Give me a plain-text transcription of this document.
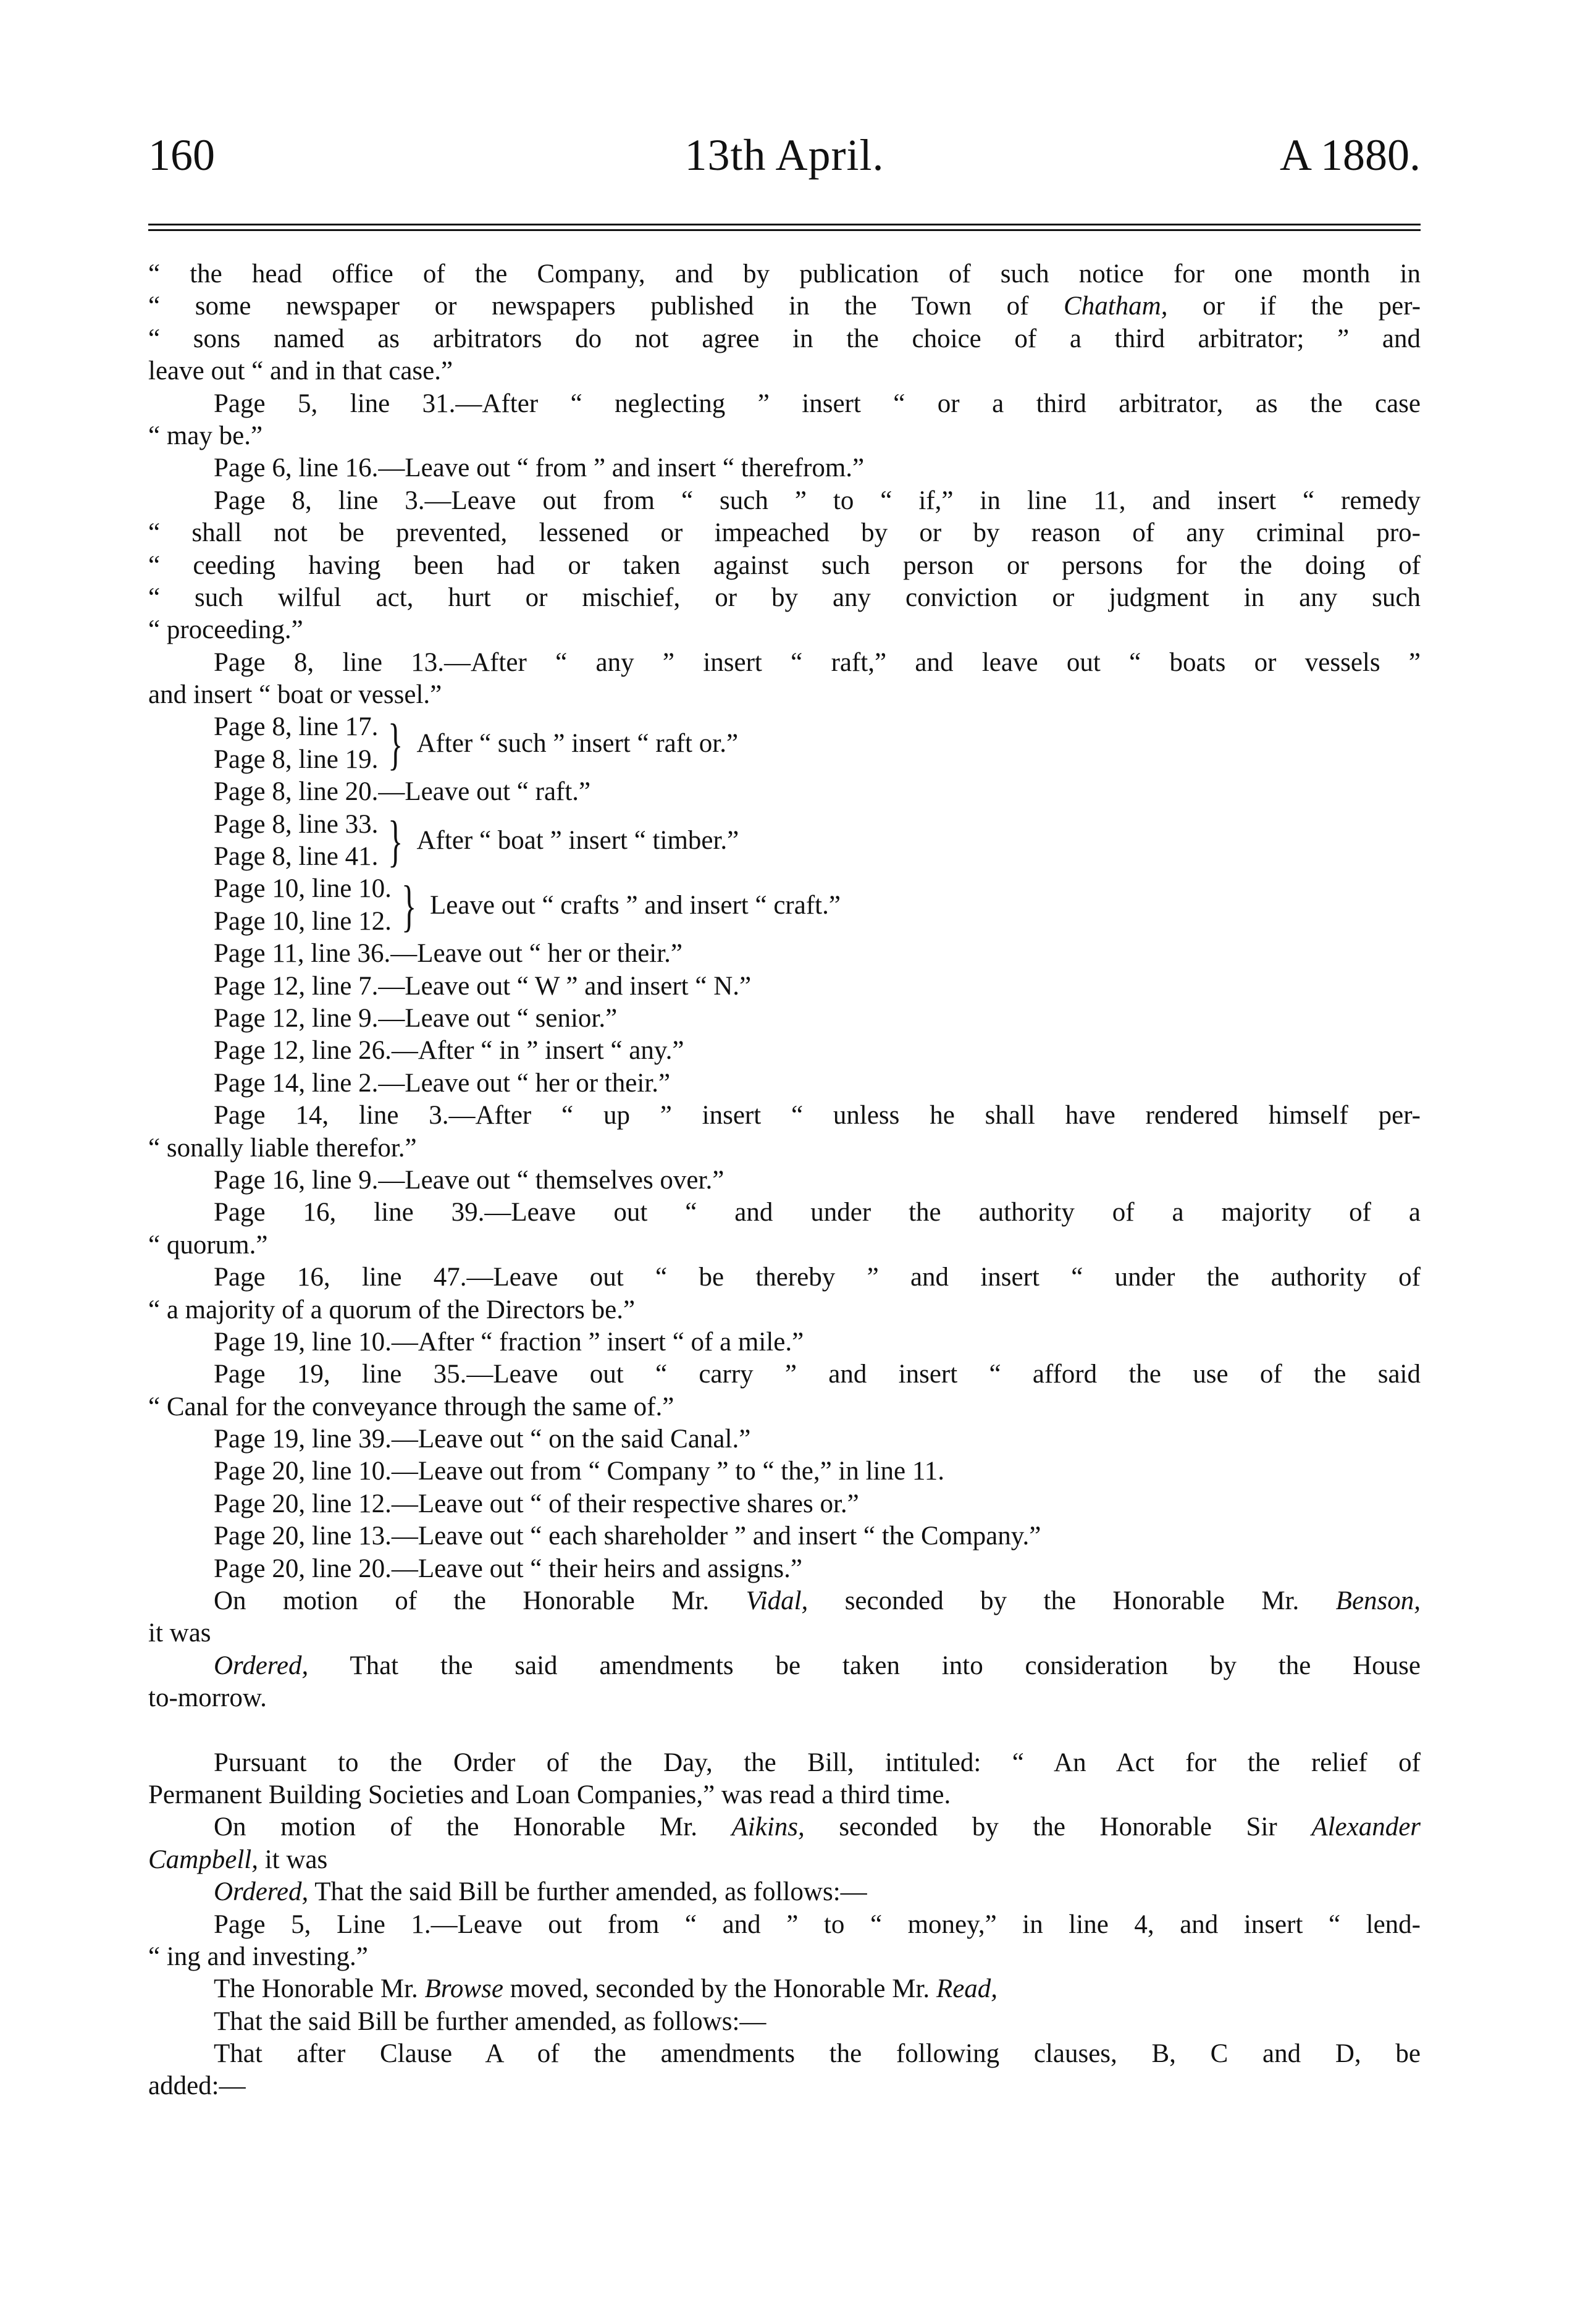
160	13th April.	A 1880.
“ the head office of the Company, and by publication of such notice for one month in
“ some newspaper or newspapers published in the Town of Chatham, or if the per-
“ sons named as arbitrators do not agree in the choice of a third arbitrator; ” and
leave out “ and in that case.”
Page 5, line 31.—After “ neglecting ” insert “ or a third arbitrator, as the case
“ may be.”
Page 6, line 16.—Leave out “ from ” and insert “ therefrom.”
Page 8, line 3.—Leave out from “ such ” to “ if,” in line 11, and insert “ remedy
“ shall not be prevented, lessened or impeached by or by reason of any criminal pro-
“ ceeding having been had or taken against such person or persons for the doing of
“ such wilful act, hurt or mischief, or by any conviction or judgment in any such
“ proceeding.”
Page 8, line 13.—After “ any ” insert “ raft,” and leave out “ boats or vessels ”
and insert “ boat or vessel.”
Page 8, line 17.
Page 8, line 19. } After “ such ” insert “ raft or.”
Page 8, line 20.—Leave out “ raft.”
Page 8, line 33.
Page 8, line 41. } After “ boat ” insert “ timber.”
Page 10, line 10.
Page 10, line 12. } Leave out “ crafts ” and insert “ craft.”
Page 11, line 36.—Leave out “ her or their.”
Page 12, line 7.—Leave out “ W ” and insert “ N.”
Page 12, line 9.—Leave out “ senior.”
Page 12, line 26.—After “ in ” insert “ any.”
Page 14, line 2.—Leave out “ her or their.”
Page 14, line 3.—After “ up ” insert “ unless he shall have rendered himself per-
“ sonally liable therefor.”
Page 16, line 9.—Leave out “ themselves over.”
Page 16, line 39.—Leave out “ and under the authority of a majority of a
“ quorum.”
Page 16, line 47.—Leave out “ be thereby ” and insert “ under the authority of
“ a majority of a quorum of the Directors be.”
Page 19, line 10.—After “ fraction ” insert “ of a mile.”
Page 19, line 35.—Leave out “ carry ” and insert “ afford the use of the said
“ Canal for the conveyance through the same of.”
Page 19, line 39.—Leave out “ on the said Canal.”
Page 20, line 10.—Leave out from “ Company ” to “ the,” in line 11.
Page 20, line 12.—Leave out “ of their respective shares or.”
Page 20, line 13.—Leave out “ each shareholder ” and insert “ the Company.”
Page 20, line 20.—Leave out “ their heirs and assigns.”
On motion of the Honorable Mr. Vidal, seconded by the Honorable Mr. Benson,
it was
Ordered, That the said amendments be taken into consideration by the House
to-morrow.
Pursuant to the Order of the Day, the Bill, intituled: “ An Act for the relief of
Permanent Building Societies and Loan Companies,” was read a third time.
On motion of the Honorable Mr. Aikins, seconded by the Honorable Sir Alexander
Campbell, it was
Ordered, That the said Bill be further amended, as follows:—
Page 5, Line 1.—Leave out from “ and ” to “ money,” in line 4, and insert “ lend-
“ ing and investing.”
The Honorable Mr. Browse moved, seconded by the Honorable Mr. Read,
That the said Bill be further amended, as follows:—
That after Clause A of the amendments the following clauses, B, C and D, be
added:—
